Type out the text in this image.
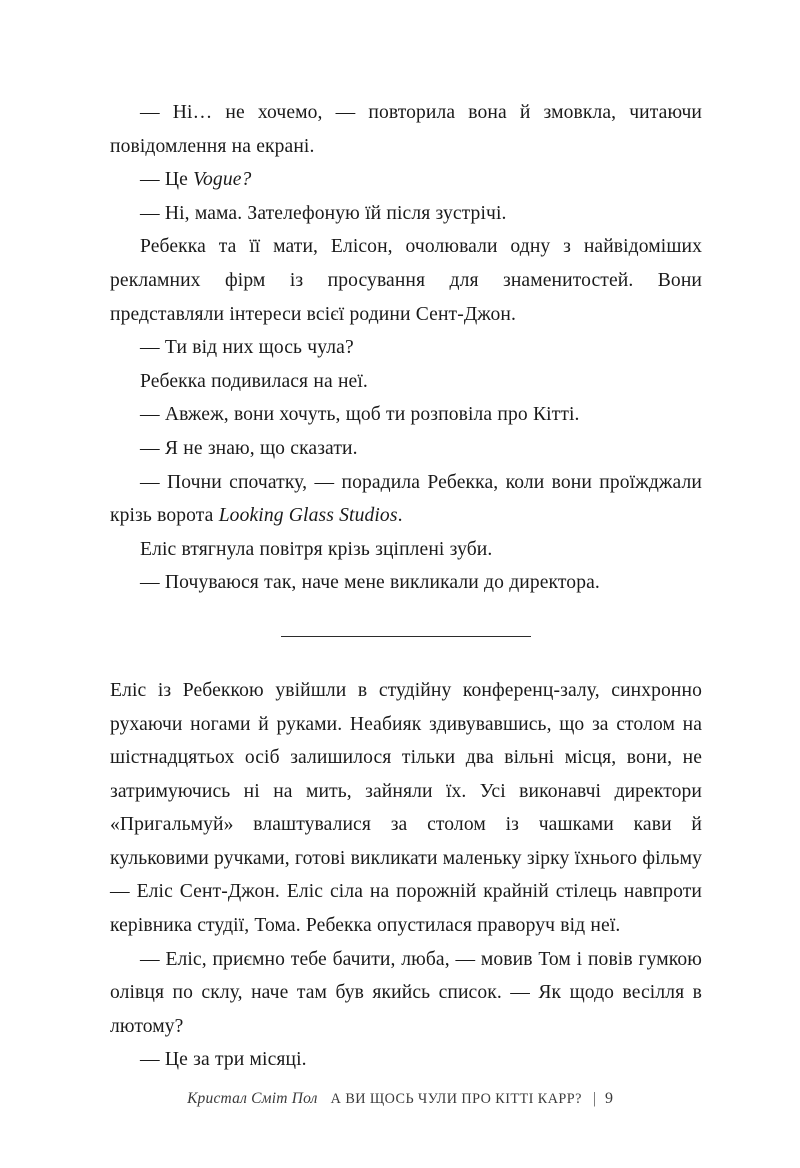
— Ні… не хочемо, — повторила вона й змовкла, читаючи повідомлення на екрані.

— Це Vogue?

— Ні, мама. Зателефоную їй після зустрічі.

Ребекка та її мати, Елісон, очолювали одну з найвідоміших рекламних фірм із просування для знаменитостей. Вони представляли інтереси всієї родини Сент-Джон.

— Ти від них щось чула?

Ребекка подивилася на неї.

— Авжеж, вони хочуть, щоб ти розповіла про Кітті.

— Я не знаю, що сказати.

— Почни спочатку, — порадила Ребекка, коли вони проїжджали крізь ворота Looking Glass Studios.

Еліс втягнула повітря крізь зціплені зуби.

— Почуваюся так, наче мене викликали до директора.

Еліс із Ребеккою увійшли в студійну конференц-залу, синхронно рухаючи ногами й руками. Неабияк здивувавшись, що за столом на шістнадцятьох осіб залишилося тільки два вільні місця, вони, не затримуючись ні на мить, зайняли їх. Усі виконавчі директори «Пригальмуй» влаштувалися за столом із чашками кави й кульковими ручками, готові викликати маленьку зірку їхнього фільму — Еліс Сент-Джон. Еліс сіла на порожній крайній стілець навпроти керівника студії, Тома. Ребекка опустилася праворуч від неї.

— Еліс, приємно тебе бачити, люба, — мовив Том і повів гумкою олівця по склу, наче там був якийсь список. — Як щодо весілля в лютому?

— Це за три місяці.

Кристал Сміт Пол А ВИ ЩОСЬ ЧУЛИ ПРО КІТТІ КАРР? | 9
